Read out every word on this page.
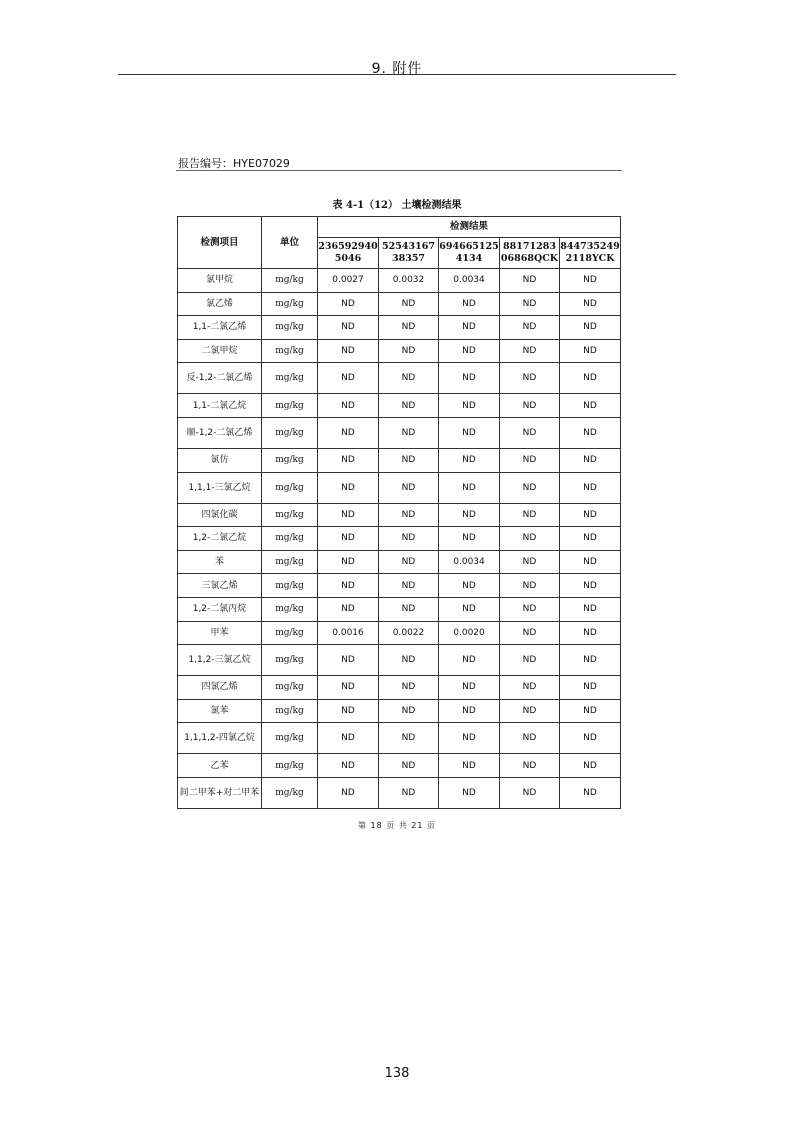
9. 附件
报告编号：HYE07029
表 4-1（12） 土壤检测结果
检测项目	单位	检测结果				
		2365929405046	5254316738357	6946651254134	8817128306868QCK	8447352492118YCK
氯甲烷	mg/kg	0.0027	0.0032	0.0034	ND	ND
氯乙烯	mg/kg	ND	ND	ND	ND	ND
1,1-二氯乙烯	mg/kg	ND	ND	ND	ND	ND
二氯甲烷	mg/kg	ND	ND	ND	ND	ND
反-1,2-二氯乙烯	mg/kg	ND	ND	ND	ND	ND
1,1-二氯乙烷	mg/kg	ND	ND	ND	ND	ND
顺-1,2-二氯乙烯	mg/kg	ND	ND	ND	ND	ND
氯仿	mg/kg	ND	ND	ND	ND	ND
1,1,1-三氯乙烷	mg/kg	ND	ND	ND	ND	ND
四氯化碳	mg/kg	ND	ND	ND	ND	ND
1,2-二氯乙烷	mg/kg	ND	ND	ND	ND	ND
苯	mg/kg	ND	ND	0.0034	ND	ND
三氯乙烯	mg/kg	ND	ND	ND	ND	ND
1,2-二氯丙烷	mg/kg	ND	ND	ND	ND	ND
甲苯	mg/kg	0.0016	0.0022	0.0020	ND	ND
1,1,2-三氯乙烷	mg/kg	ND	ND	ND	ND	ND
四氯乙烯	mg/kg	ND	ND	ND	ND	ND
氯苯	mg/kg	ND	ND	ND	ND	ND
1,1,1,2-四氯乙烷	mg/kg	ND	ND	ND	ND	ND
乙苯	mg/kg	ND	ND	ND	ND	ND
间二甲苯+对二甲苯	mg/kg	ND	ND	ND	ND	ND
第 18 页 共 21 页
138
